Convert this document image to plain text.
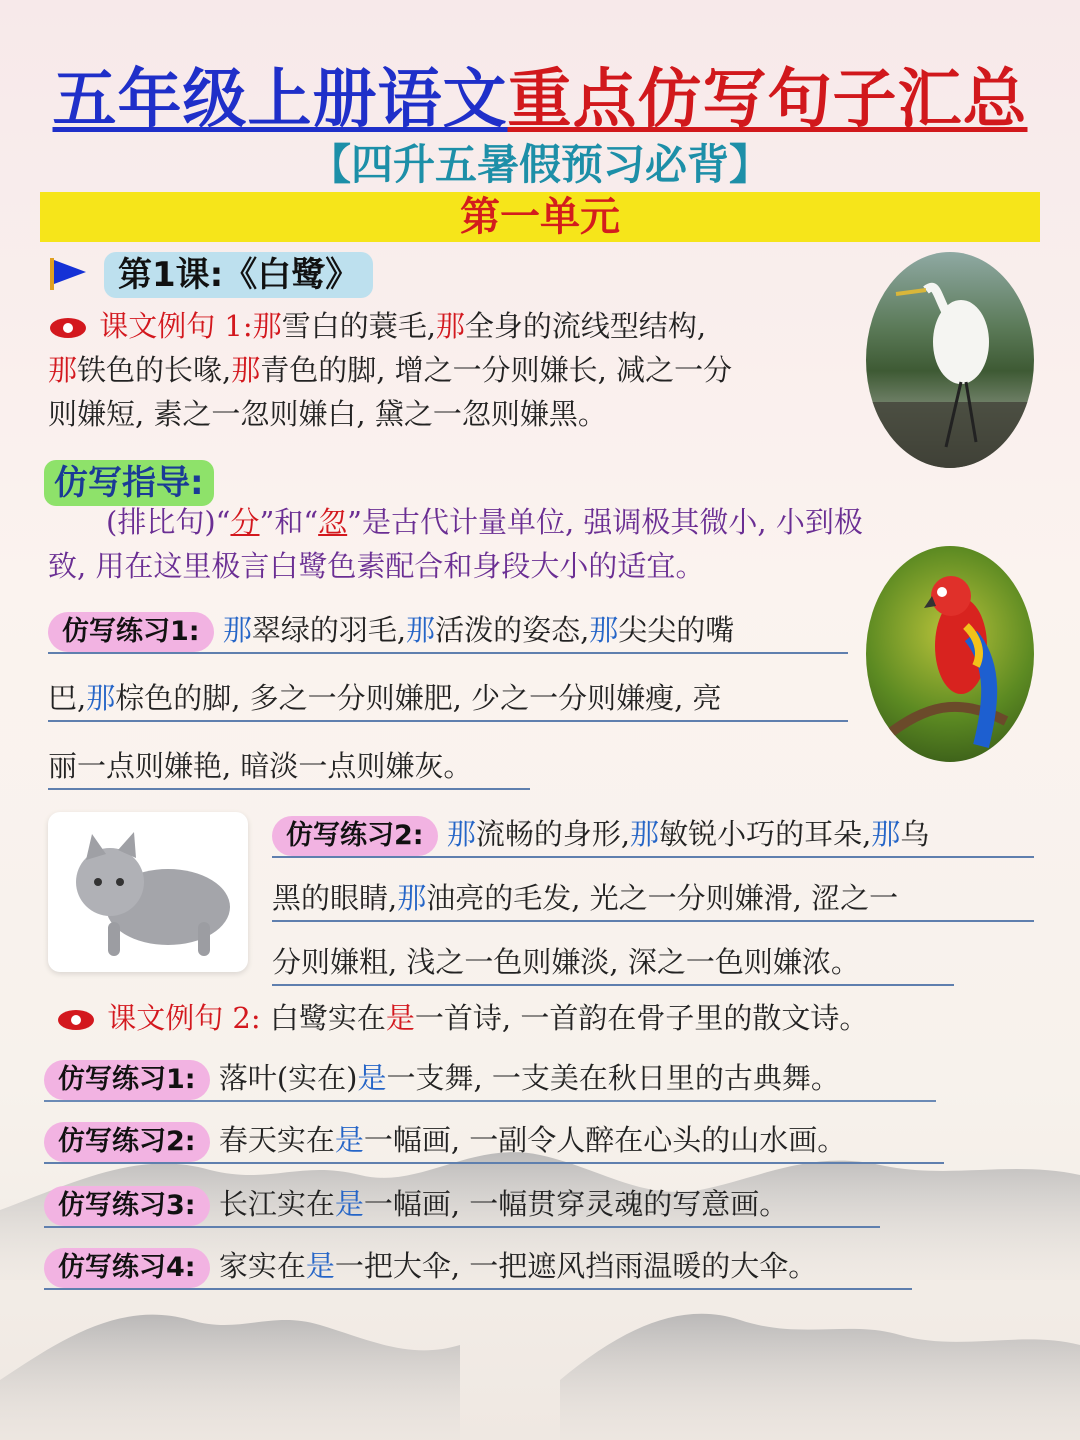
五年级上册语文重点仿写句子汇总
【四升五暑假预习必背】
第一单元
第1课:《白鹭》
课文例句 1:那雪白的蓑毛,那全身的流线型结构,
那铁色的长喙,那青色的脚, 增之一分则嫌长, 减之一分
则嫌短, 素之一忽则嫌白, 黛之一忽则嫌黑。
仿写指导:
　　(排比句)“分”和“忽”是古代计量单位, 强调极其微小, 小到极
致, 用在这里极言白鹭色素配合和身段大小的适宜。
仿写练习1: 那翠绿的羽毛,那活泼的姿态,那尖尖的嘴
巴,那棕色的脚, 多之一分则嫌肥, 少之一分则嫌瘦, 亮
丽一点则嫌艳, 暗淡一点则嫌灰。
仿写练习2: 那流畅的身形,那敏锐小巧的耳朵,那乌
黑的眼睛,那油亮的毛发, 光之一分则嫌滑, 涩之一
分则嫌粗, 浅之一色则嫌淡, 深之一色则嫌浓。
课文例句 2: 白鹭实在是一首诗, 一首韵在骨子里的散文诗。
仿写练习1: 落叶(实在)是一支舞, 一支美在秋日里的古典舞。
仿写练习2: 春天实在是一幅画, 一副令人醉在心头的山水画。
仿写练习3: 长江实在是一幅画, 一幅贯穿灵魂的写意画。
仿写练习4: 家实在是一把大伞, 一把遮风挡雨温暖的大伞。
